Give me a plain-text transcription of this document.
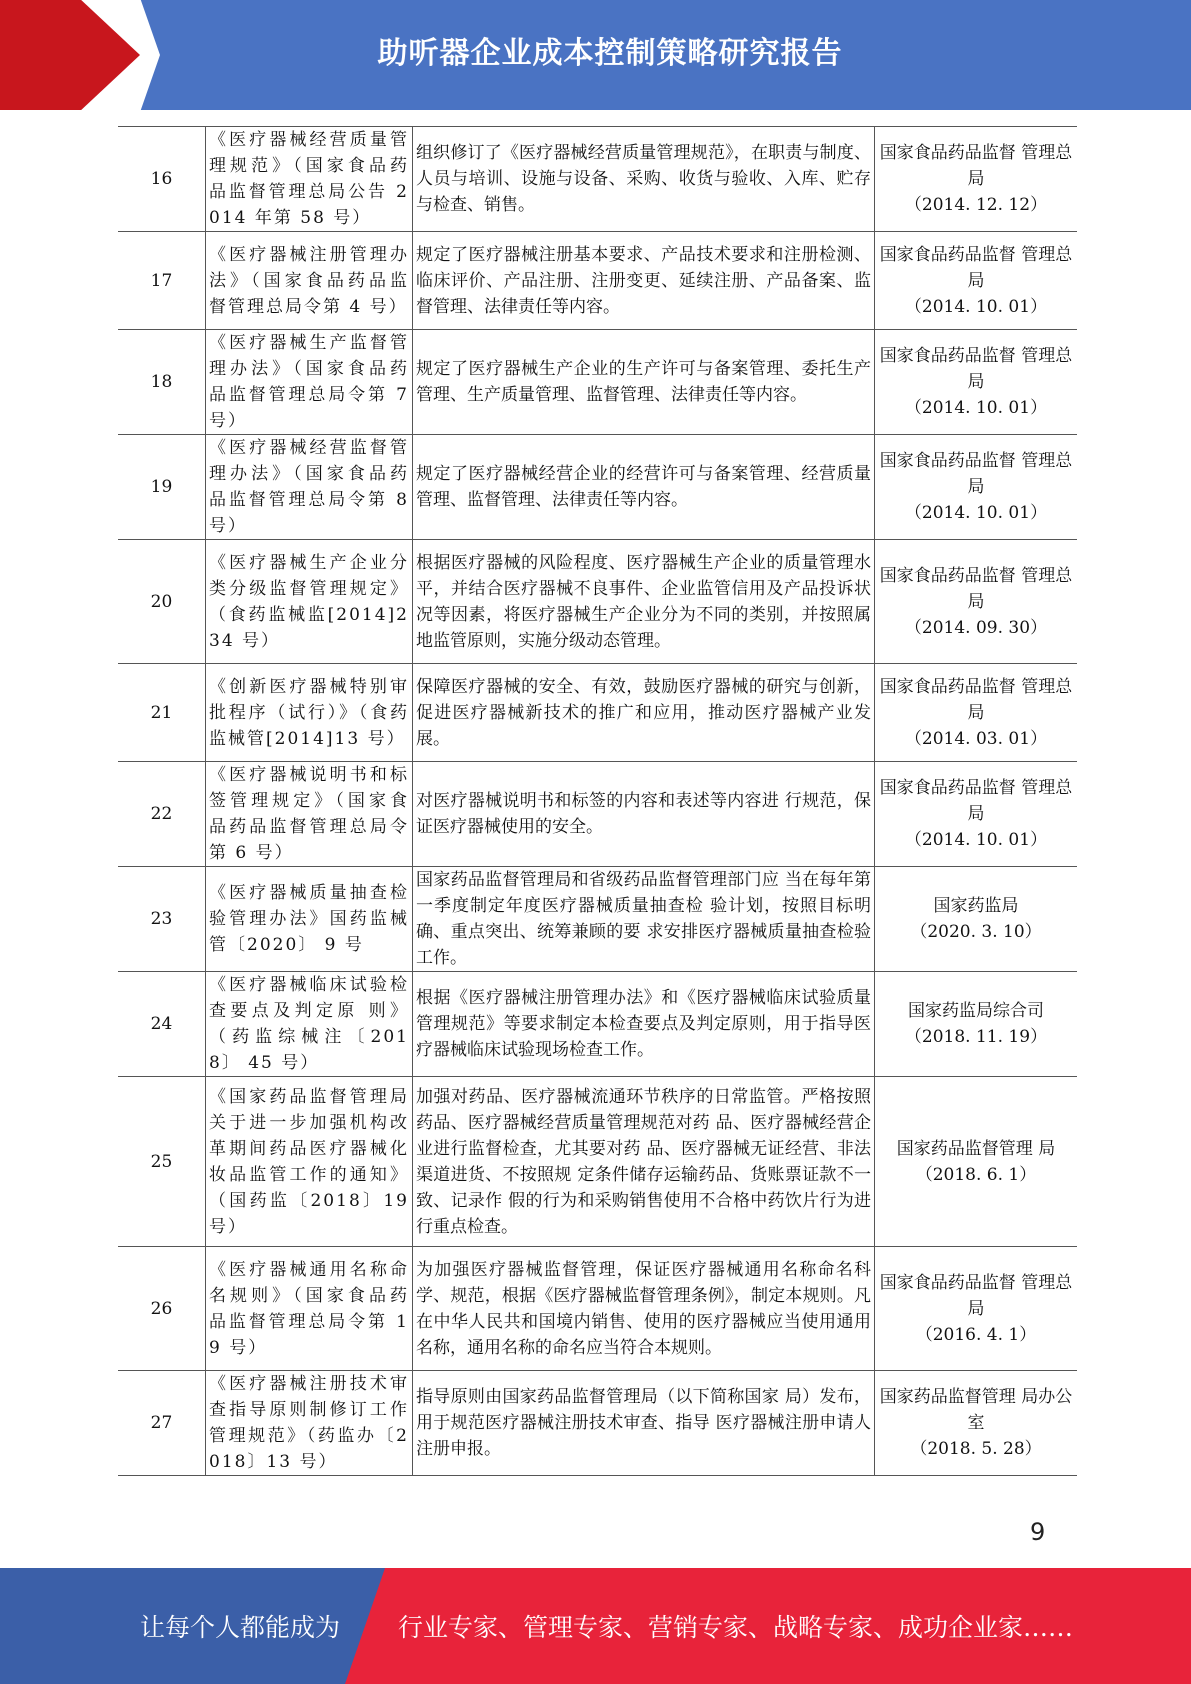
助听器企业成本控制策略研究报告
16	《医疗器械经营质量管理规范》（国家食品药品监督管理总局公告 2014 年第 58 号）	组织修订了《医疗器械经营质量管理规范》，在职责与制度、人员与培训、设施与设备、采购、收货与验收、入库、贮存与检查、销售。	国家食品药品监督 管理总局
（2014. 12. 12）

17	《医疗器械注册管理办法》（国家食品药品监督管理总局令第 4 号）	规定了医疗器械注册基本要求、产品技术要求和注册检测、临床评价、产品注册、注册变更、延续注册、产品备案、监督管理、法律责任等内容。	国家食品药品监督 管理总局
（2014. 10. 01）

18	《医疗器械生产监督管理办法》（国家食品药品监督管理总局令第 7 号）	规定了医疗器械生产企业的生产许可与备案管理、委托生产管理、生产质量管理、监督管理、法律责任等内容。	国家食品药品监督 管理总局
（2014. 10. 01）

19	《医疗器械经营监督管理办法》（国家食品药品监督管理总局令第 8 号）	规定了医疗器械经营企业的经营许可与备案管理、经营质量管理、监督管理、法律责任等内容。	国家食品药品监督 管理总局
（2014. 10. 01）

20	《医疗器械生产企业分类分级监督管理规定》（食药监械监[2014]234 号）	根据医疗器械的风险程度、医疗器械生产企业的质量管理水平，并结合医疗器械不良事件、企业监管信用及产品投诉状况等因素，将医疗器械生产企业分为不同的类别，并按照属地监管原则，实施分级动态管理。	国家食品药品监督 管理总局
（2014. 09. 30）

21	《创新医疗器械特别审批程序（试行）》（食药 监械管[2014]13 号）	保障医疗器械的安全、有效，鼓励医疗器械的研究与创新，促进医疗器械新技术的推广和应用，推动医疗器械产业发展。	国家食品药品监督 管理总局
（2014. 03. 01）

22	《医疗器械说明书和标签管理规定》（国家食品药品监督管理总局令第 6 号）	对医疗器械说明书和标签的内容和表述等内容进 行规范，保证医疗器械使用的安全。	国家食品药品监督 管理总局
（2014. 10. 01）

23	《医疗器械质量抽查检验管理办法》国药监械管〔2020〕 9 号	国家药品监督管理局和省级药品监督管理部门应 当在每年第一季度制定年度医疗器械质量抽查检 验计划，按照目标明确、重点突出、统筹兼顾的要 求安排医疗器械质量抽查检验工作。	国家药监局
（2020. 3. 10）

24	《医疗器械临床试验检查要点及判定原 则》（药监综械注〔2018〕 45 号）	根据《医疗器械注册管理办法》和《医疗器械临床试验质量管理规范》等要求制定本检查要点及判定原则，用于指导医疗器械临床试验现场检查工作。	国家药监局综合司
（2018. 11. 19）

25	《国家药品监督管理局关于进一步加强机构改革期间药品医疗器械化妆品监管工作的通知》（国药监〔2018〕19 号）	加强对药品、医疗器械流通环节秩序的日常监管。严格按照药品、医疗器械经营质量管理规范对药 品、医疗器械经营企业进行监督检查，尤其要对药 品、医疗器械无证经营、非法渠道进货、不按照规 定条件储存运输药品、货账票证款不一致、记录作 假的行为和采购销售使用不合格中药饮片行为进 行重点检查。	国家药品监督管理 局
（2018. 6. 1）

26	《医疗器械通用名称命名规则》（国家食品药品监督管理总局令第 19 号）	为加强医疗器械监督管理，保证医疗器械通用名称命名科学、规范，根据《医疗器械监督管理条例》，制定本规则。凡在中华人民共和国境内销售、使用的医疗器械应当使用通用名称，通用名称的命名应当符合本规则。	国家食品药品监督 管理总局
（2016. 4. 1）

27	《医疗器械注册技术审查指导原则制修订工作管理规范》（药监办〔2018〕13 号）	指导原则由国家药品监督管理局（以下简称国家 局）发布，用于规范医疗器械注册技术审查、指导 医疗器械注册申请人注册申报。	国家药品监督管理 局办公室
（2018. 5. 28）
9
让每个人都能成为 行业专家、管理专家、营销专家、战略专家、成功企业家……
